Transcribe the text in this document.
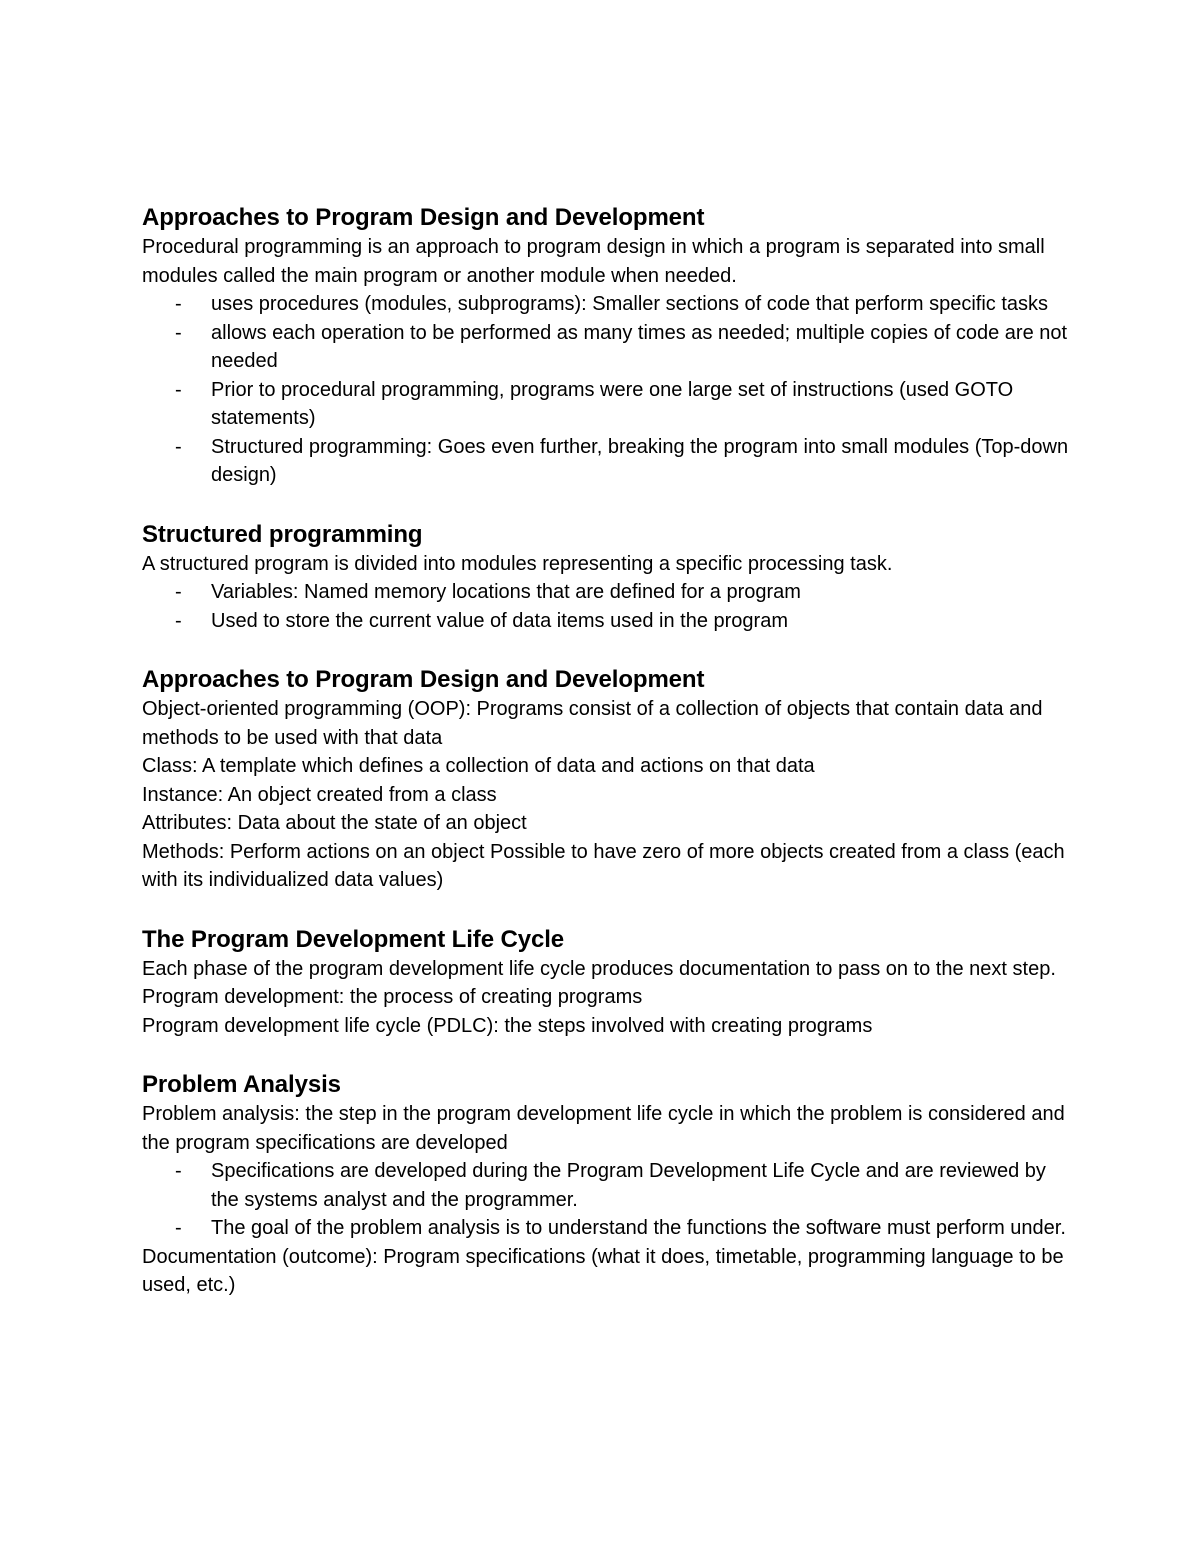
Approaches to Program Design and Development

Procedural programming is an approach to program design in which a program is separated into small modules called the main program or another module when needed.

- uses procedures (modules, subprograms): Smaller sections of code that perform specific tasks
- allows each operation to be performed as many times as needed; multiple copies of code are not needed
- Prior to procedural programming, programs were one large set of instructions (used GOTO statements)
- Structured programming: Goes even further, breaking the program into small modules (Top-down design)
Structured programming

A structured program is divided into modules representing a specific processing task.

- Variables: Named memory locations that are defined for a program
- Used to store the current value of data items used in the program
Approaches to Program Design and Development

Object-oriented programming (OOP): Programs consist of a collection of objects that contain data and methods to be used with that data

Class: A template which defines a collection of data and actions on that data

Instance: An object created from a class

Attributes: Data about the state of an object

Methods: Perform actions on an object Possible to have zero of more objects created from a class (each with its individualized data values)

The Program Development Life Cycle

Each phase of the program development life cycle produces documentation to pass on to the next step.

Program development: the process of creating programs

Program development life cycle (PDLC): the steps involved with creating programs

Problem Analysis

Problem analysis: the step in the program development life cycle in which the problem is considered and the program specifications are developed

- Specifications are developed during the Program Development Life Cycle and are reviewed by the systems analyst and the programmer.
- The goal of the problem analysis is to understand the functions the software must perform under.

Documentation (outcome): Program specifications (what it does, timetable, programming language to be used, etc.)
